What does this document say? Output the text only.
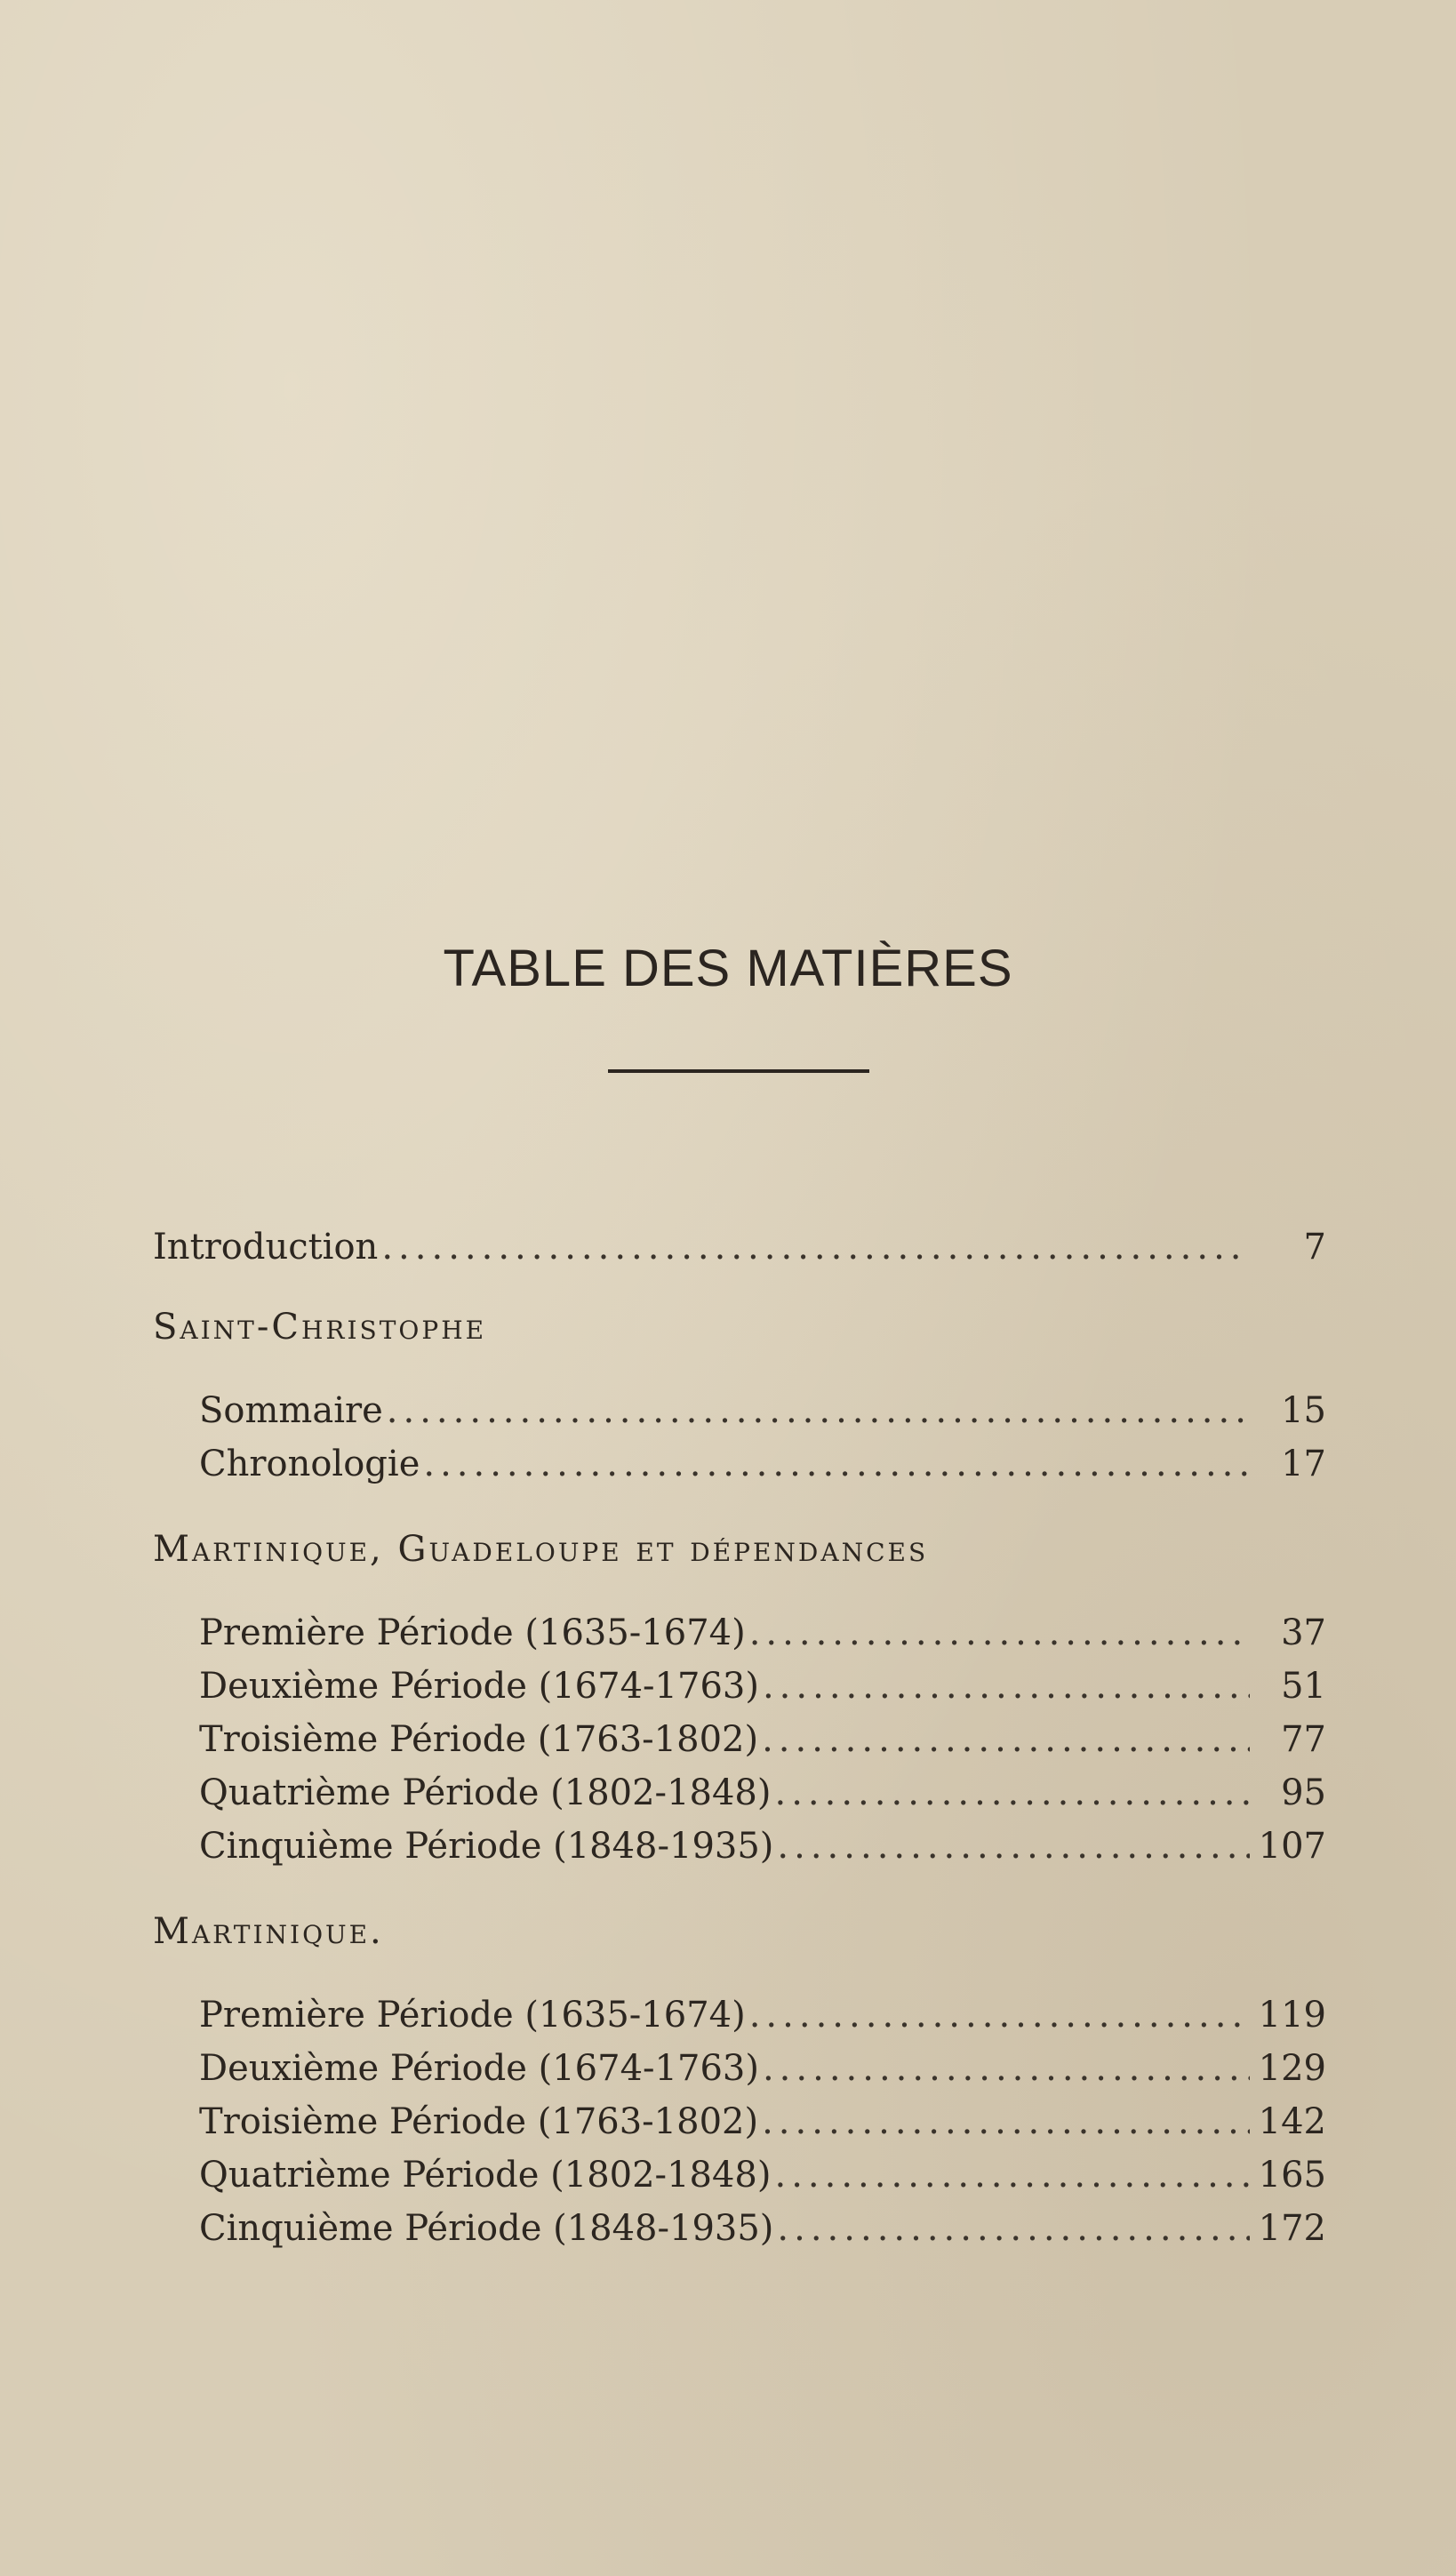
TABLE DES MATIÈRES
Introduction .....	7
Saint-Christophe
Sommaire .....	15
Chronologie .....	17
Martinique, Guadeloupe et dépendances
Première Période (1635-1674) .....	37
Deuxième Période (1674-1763) .....	51
Troisième Période (1763-1802) .....	77
Quatrième Période (1802-1848) .....	95
Cinquième Période (1848-1935) .....	107
Martinique.
Première Période (1635-1674) .....	119
Deuxième Période (1674-1763) .....	129
Troisième Période (1763-1802) .....	142
Quatrième Période (1802-1848) .....	165
Cinquième Période (1848-1935) .....	172
